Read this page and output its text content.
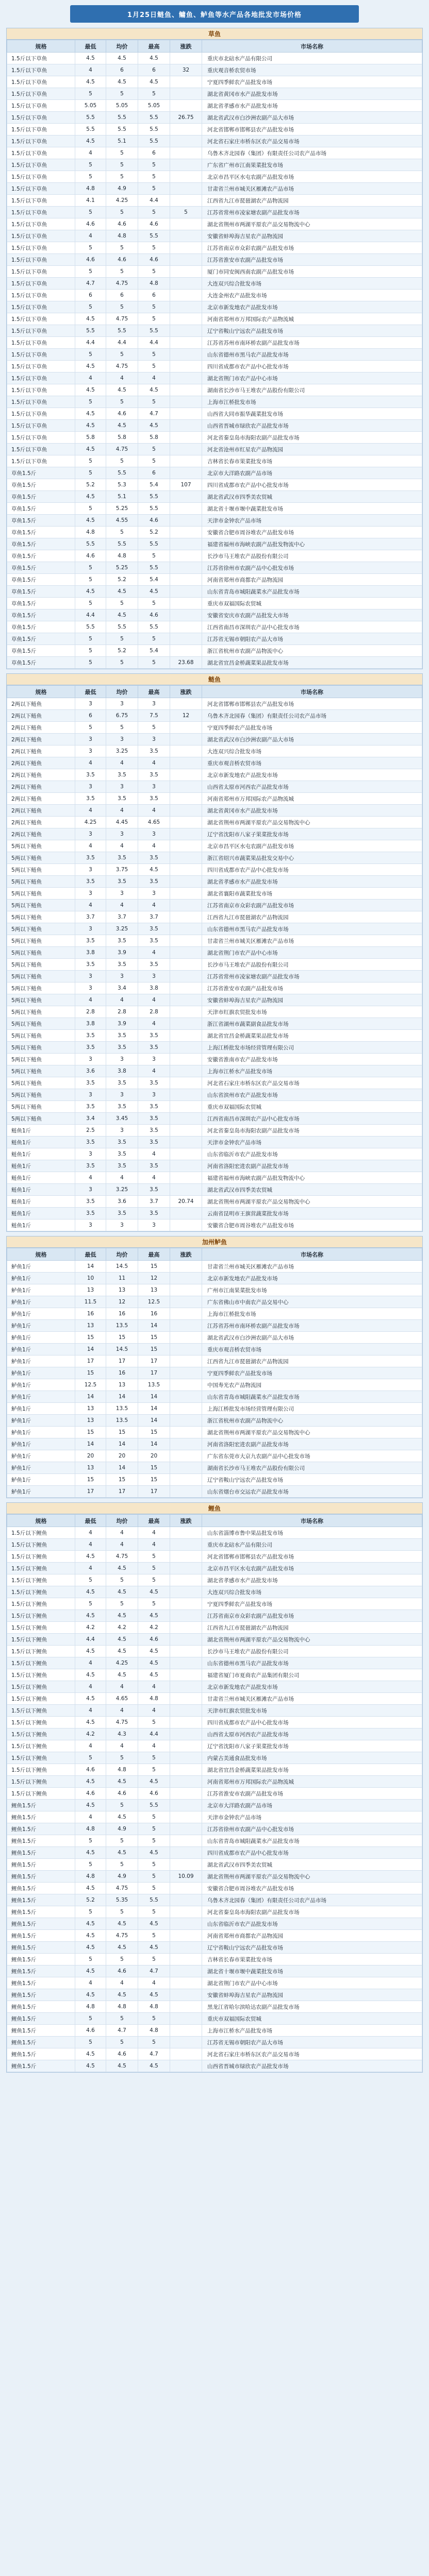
1月25日鲢鱼、鳙鱼、鲈鱼等水产品各地批发市场价格
草鱼
规格	最低	均价	最高	涨跌	市场名称
1.5斤以下草鱼	4.5	4.5	4.5		重庆市北碚水产品有限公司
1.5斤以下草鱼	4	6	6	32	重庆观音桥农贸市场
1.5斤以下草鱼	4.5	4.5	4.5		宁夏四季鲜农产品批发市场
1.5斤以下草鱼	5	5	5		湖北省黄冈市水产品批发市场
1.5斤以下草鱼	5.05	5.05	5.05		湖北省孝感市水产品批发市场
1.5斤以下草鱼	5.5	5.5	5.5	26.75	湖北省武汉市白沙洲农副产品大市场
1.5斤以下草鱼	5.5	5.5	5.5		河北省邯郸市邯郸县农产品批发市场
1.5斤以下草鱼	4.5	5.1	5.5		河北省石家庄市桥东区农产品交易市场
1.5斤以下草鱼	4	5	6		乌鲁木齐北园春（集团）有限责任公司农产品市场
1.5斤以下草鱼	5	5	5		广东省广州市江南果菜批发市场
1.5斤以下草鱼	5	5	5		北京市昌平区水屯农副产品批发市场
1.5斤以下草鱼	4.8	4.9	5		甘肃省兰州市城关区雁滩农产品市场
1.5斤以下草鱼	4.1	4.25	4.4		江西省九江市琵琶湖农产品物流园
1.5斤以下草鱼	5	5	5	5	江苏省常州市凌家塘农副产品批发市场
1.5斤以下草鱼	4.6	4.6	4.6		湖北省荆州市两湖平原农产品交易物流中心
1.5斤以下草鱼	4	4.8	5.5		安徽省蚌埠海吉星农产品物流园
1.5斤以下草鱼	5	5	5		江苏省南京市众彩农副产品批发市场
1.5斤以下草鱼	4.6	4.6	4.6		江苏省淮安市农副产品批发市场
1.5斤以下草鱼	5	5	5		厦门市同安闽西南农副产品批发市场
1.5斤以下草鱼	4.7	4.75	4.8		大连双兴综合批发市场
1.5斤以下草鱼	6	6	6		大连金州农产品批发市场
1.5斤以下草鱼	5	5	5		北京市新发地农产品批发市场
1.5斤以下草鱼	4.5	4.75	5		河南省郑州市万邦国际农产品物流城
1.5斤以下草鱼	5.5	5.5	5.5		辽宁省鞍山宁远农产品批发市场
1.5斤以下草鱼	4.4	4.4	4.4		江苏省苏州市南环桥农副产品批发市场
1.5斤以下草鱼	5	5	5		山东省德州市黑马农产品批发市场
1.5斤以下草鱼	4.5	4.75	5		四川省成都市农产品中心批发市场
1.5斤以下草鱼	4	4	4		湖北省荆门市农产品中心市场
1.5斤以下草鱼	4.5	4.5	4.5		湖南省长沙市马王堆农产品股份有限公司
1.5斤以下草鱼	5	5	5		上海市江桥批发市场
1.5斤以下草鱼	4.5	4.6	4.7		山西省大同市振华蔬菜批发市场
1.5斤以下草鱼	4.5	4.5	4.5		山西省晋城市绿欣农产品批发市场
1.5斤以下草鱼	5.8	5.8	5.8		河北省秦皇岛市海阳农副产品批发市场
1.5斤以下草鱼	4.5	4.75	5		河北省沧州市红星农产品物流园
1.5斤以下草鱼	5	5	5		吉林省长春市果菜批发市场
草鱼1.5斤	5	5.5	6		北京市大洋路农副产品市场
草鱼1.5斤	5.2	5.3	5.4	107	四川省成都市农产品中心批发市场
草鱼1.5斤	4.5	5.1	5.5		湖北省武汉市四季美农贸城
草鱼1.5斤	5	5.25	5.5		湖北省十堰市堰中蔬菜批发市场
草鱼1.5斤	4.5	4.55	4.6		天津市金钟农产品市场
草鱼1.5斤	4.8	5	5.2		安徽省合肥市周谷堆农产品批发市场
草鱼1.5斤	5.5	5.5	5.5		福建省福州市海峡农副产品批发物流中心
草鱼1.5斤	4.6	4.8	5		长沙市马王堆农产品股份有限公司
草鱼1.5斤	5	5.25	5.5		江苏省徐州市农副产品中心批发市场
草鱼1.5斤	5	5.2	5.4		河南省郑州市商都农产品物流园
草鱼1.5斤	4.5	4.5	4.5		山东省青岛市城阳蔬菜水产品批发市场
草鱼1.5斤	5	5	5		重庆市双福国际农贸城
草鱼1.5斤	4.4	4.5	4.6		安徽省安庆市农副产品批发大市场
草鱼1.5斤	5.5	5.5	5.5		江西省南昌市深圳农产品中心批发市场
草鱼1.5斤	5	5	5		江苏省无锡市朝阳农产品大市场
草鱼1.5斤	5	5.2	5.4		浙江省杭州市农副产品物流中心
草鱼1.5斤	5	5	5	23.68	湖北省宜昌金桥蔬菜果品批发市场
鲢鱼
规格	最低	均价	最高	涨跌	市场名称
2两以下鲢鱼	3	3	3		河北省邯郸市邯郸县农产品批发市场
2两以下鲢鱼	6	6.75	7.5	12	乌鲁木齐北园春（集团）有限责任公司农产品市场
2两以下鲢鱼	5	5	5		宁夏四季鲜农产品批发市场
2两以下鲢鱼	3	3	3		湖北省武汉市白沙洲农副产品大市场
2两以下鲢鱼	3	3.25	3.5		大连双兴综合批发市场
2两以下鲢鱼	4	4	4		重庆市观音桥农贸市场
2两以下鲢鱼	3.5	3.5	3.5		北京市新发地农产品批发市场
2两以下鲢鱼	3	3	3		山西省太原市河西农产品批发市场
2两以下鲢鱼	3.5	3.5	3.5		河南省郑州市万邦国际农产品物流城
2两以下鲢鱼	4	4	4		湖北省黄冈市水产品批发市场
2两以下鲢鱼	4.25	4.45	4.65		湖北省荆州市两湖平原农产品交易物流中心
2两以下鲢鱼	3	3	3		辽宁省沈阳市八家子果菜批发市场
5两以下鲢鱼	4	4	4		北京市昌平区水屯农副产品批发市场
5两以下鲢鱼	3.5	3.5	3.5		浙江省绍兴市蔬菜果品批发交易中心
5两以下鲢鱼	3	3.75	4.5		四川省成都市农产品中心批发市场
5两以下鲢鱼	3.5	3.5	3.5		湖北省孝感市水产品批发市场
5两以下鲢鱼	3	3	3		湖北省襄阳市蔬菜批发市场
5两以下鲢鱼	4	4	4		江苏省南京市众彩农副产品批发市场
5两以下鲢鱼	3.7	3.7	3.7		江西省九江市琵琶湖农产品物流园
5两以下鲢鱼	3	3.25	3.5		山东省德州市黑马农产品批发市场
5两以下鲢鱼	3.5	3.5	3.5		甘肃省兰州市城关区雁滩农产品市场
5两以下鲢鱼	3.8	3.9	4		湖北省荆门市农产品中心市场
5两以下鲢鱼	3.5	3.5	3.5		长沙市马王堆农产品股份有限公司
5两以下鲢鱼	3	3	3		江苏省常州市凌家塘农副产品批发市场
5两以下鲢鱼	3	3.4	3.8		江苏省淮安市农副产品批发市场
5两以下鲢鱼	4	4	4		安徽省蚌埠海吉星农产品物流园
5两以下鲢鱼	2.8	2.8	2.8		天津市红旗农贸批发市场
5两以下鲢鱼	3.8	3.9	4		浙江省湖州市蔬菜副食品批发市场
5两以下鲢鱼	3.5	3.5	3.5		湖北省宜昌金桥蔬菜果品批发市场
5两以下鲢鱼	3.5	3.5	3.5		上海江桥批发市场经营管理有限公司
5两以下鲢鱼	3	3	3		安徽省淮南市农产品批发市场
5两以下鲢鱼	3.6	3.8	4		上海市江桥水产品批发市场
5两以下鲢鱼	3.5	3.5	3.5		河北省石家庄市桥东区农产品交易市场
5两以下鲢鱼	3	3	3		山东省滨州市农产品批发市场
5两以下鲢鱼	3.5	3.5	3.5		重庆市双福国际农贸城
5两以下鲢鱼	3.4	3.45	3.5		江西省南昌市深圳农产品中心批发市场
鲢鱼1斤	2.5	3	3.5		河北省秦皇岛市海阳农副产品批发市场
鲢鱼1斤	3.5	3.5	3.5		天津市金钟农产品市场
鲢鱼1斤	3	3.5	4		山东省临沂市农产品批发市场
鲢鱼1斤	3.5	3.5	3.5		河南省洛阳宏进农副产品批发市场
鲢鱼1斤	4	4	4		福建省福州市海峡农副产品批发物流中心
鲢鱼1斤	3	3.25	3.5		湖北省武汉市四季美农贸城
鲢鱼1斤	3.5	3.6	3.7	20.74	湖北省荆州市两湖平原农产品交易物流中心
鲢鱼1斤	3.5	3.5	3.5		云南省昆明市王旗营蔬菜批发市场
鲢鱼1斤	3	3	3		安徽省合肥市周谷堆农产品批发市场
加州鲈鱼
规格	最低	均价	最高	涨跌	市场名称
鲈鱼1斤	14	14.5	15		甘肃省兰州市城关区雁滩农产品市场
鲈鱼1斤	10	11	12		北京市新发地农产品批发市场
鲈鱼1斤	13	13	13		广州市江南果菜批发市场
鲈鱼1斤	11.5	12	12.5		广东省佛山市中南农产品交易中心
鲈鱼1斤	16	16	16		上海市江桥批发市场
鲈鱼1斤	13	13.5	14		江苏省苏州市南环桥农副产品批发市场
鲈鱼1斤	15	15	15		湖北省武汉市白沙洲农副产品大市场
鲈鱼1斤	14	14.5	15		重庆市观音桥农贸市场
鲈鱼1斤	17	17	17		江西省九江市琵琶湖农产品物流园
鲈鱼1斤	15	16	17		宁夏四季鲜农产品批发市场
鲈鱼1斤	12.5	13	13.5		中国寿光农产品物流园
鲈鱼1斤	14	14	14		山东省青岛市城阳蔬菜水产品批发市场
鲈鱼1斤	13	13.5	14		上海江桥批发市场经营管理有限公司
鲈鱼1斤	13	13.5	14		浙江省杭州市农副产品物流中心
鲈鱼1斤	15	15	15		湖北省荆州市两湖平原农产品交易物流中心
鲈鱼1斤	14	14	14		河南省洛阳宏进农副产品批发市场
鲈鱼1斤	20	20	20		广东省东莞市大京九农副产品中心批发市场
鲈鱼1斤	13	14	15		湖南省长沙市马王堆农产品股份有限公司
鲈鱼1斤	15	15	15		辽宁省鞍山宁远农产品批发市场
鲈鱼1斤	17	17	17		山东省烟台市交运农产品批发市场
鲤鱼
规格	最低	均价	最高	涨跌	市场名称
1.5斤以下鲤鱼	4	4	4		山东省淄博市鲁中果品批发市场
1.5斤以下鲤鱼	4	4	4		重庆市北碚水产品有限公司
1.5斤以下鲤鱼	4.5	4.75	5		河北省邯郸市邯郸县农产品批发市场
1.5斤以下鲤鱼	4	4.5	5		北京市昌平区水屯农副产品批发市场
1.5斤以下鲤鱼	5	5	5		湖北省孝感市水产品批发市场
1.5斤以下鲤鱼	4.5	4.5	4.5		大连双兴综合批发市场
1.5斤以下鲤鱼	5	5	5		宁夏四季鲜农产品批发市场
1.5斤以下鲤鱼	4.5	4.5	4.5		江苏省南京市众彩农副产品批发市场
1.5斤以下鲤鱼	4.2	4.2	4.2		江西省九江市琵琶湖农产品物流园
1.5斤以下鲤鱼	4.4	4.5	4.6		湖北省荆州市两湖平原农产品交易物流中心
1.5斤以下鲤鱼	4.5	4.5	4.5		长沙市马王堆农产品股份有限公司
1.5斤以下鲤鱼	4	4.25	4.5		山东省德州市黑马农产品批发市场
1.5斤以下鲤鱼	4.5	4.5	4.5		福建省厦门市夏商农产品集团有限公司
1.5斤以下鲤鱼	4	4	4		北京市新发地农产品批发市场
1.5斤以下鲤鱼	4.5	4.65	4.8		甘肃省兰州市城关区雁滩农产品市场
1.5斤以下鲤鱼	4	4	4		天津市红旗农贸批发市场
1.5斤以下鲤鱼	4.5	4.75	5		四川省成都市农产品中心批发市场
1.5斤以下鲤鱼	4.2	4.3	4.4		山西省太原市河西农产品批发市场
1.5斤以下鲤鱼	4	4	4		辽宁省沈阳市八家子果菜批发市场
1.5斤以下鲤鱼	5	5	5		内蒙古美通食品批发市场
1.5斤以下鲤鱼	4.6	4.8	5		湖北省宜昌金桥蔬菜果品批发市场
1.5斤以下鲤鱼	4.5	4.5	4.5		河南省郑州市万邦国际农产品物流城
1.5斤以下鲤鱼	4.6	4.6	4.6		江苏省淮安市农副产品批发市场
鲤鱼1.5斤	4.5	5	5.5		北京市大洋路农副产品市场
鲤鱼1.5斤	4	4.5	5		天津市金钟农产品市场
鲤鱼1.5斤	4.8	4.9	5		江苏省徐州市农副产品中心批发市场
鲤鱼1.5斤	5	5	5		山东省青岛市城阳蔬菜水产品批发市场
鲤鱼1.5斤	4.5	4.5	4.5		四川省成都市农产品中心批发市场
鲤鱼1.5斤	5	5	5		湖北省武汉市四季美农贸城
鲤鱼1.5斤	4.8	4.9	5	10.09	湖北省荆州市两湖平原农产品交易物流中心
鲤鱼1.5斤	4.5	4.75	5		安徽省合肥市周谷堆农产品批发市场
鲤鱼1.5斤	5.2	5.35	5.5		乌鲁木齐北园春（集团）有限责任公司农产品市场
鲤鱼1.5斤	5	5	5		河北省秦皇岛市海阳农副产品批发市场
鲤鱼1.5斤	4.5	4.5	4.5		山东省临沂市农产品批发市场
鲤鱼1.5斤	4.5	4.75	5		河南省郑州市商都农产品物流园
鲤鱼1.5斤	4.5	4.5	4.5		辽宁省鞍山宁远农产品批发市场
鲤鱼1.5斤	5	5	5		吉林省长春市果菜批发市场
鲤鱼1.5斤	4.5	4.6	4.7		湖北省十堰市堰中蔬菜批发市场
鲤鱼1.5斤	4	4	4		湖北省荆门市农产品中心市场
鲤鱼1.5斤	4.5	4.5	4.5		安徽省蚌埠海吉星农产品物流园
鲤鱼1.5斤	4.8	4.8	4.8		黑龙江省哈尔滨哈达农副产品批发市场
鲤鱼1.5斤	5	5	5		重庆市双福国际农贸城
鲤鱼1.5斤	4.6	4.7	4.8		上海市江桥水产品批发市场
鲤鱼1.5斤	5	5	5		江苏省无锡市朝阳农产品大市场
鲤鱼1.5斤	4.5	4.6	4.7		河北省石家庄市桥东区农产品交易市场
鲤鱼1.5斤	4.5	4.5	4.5		山西省晋城市绿欣农产品批发市场
